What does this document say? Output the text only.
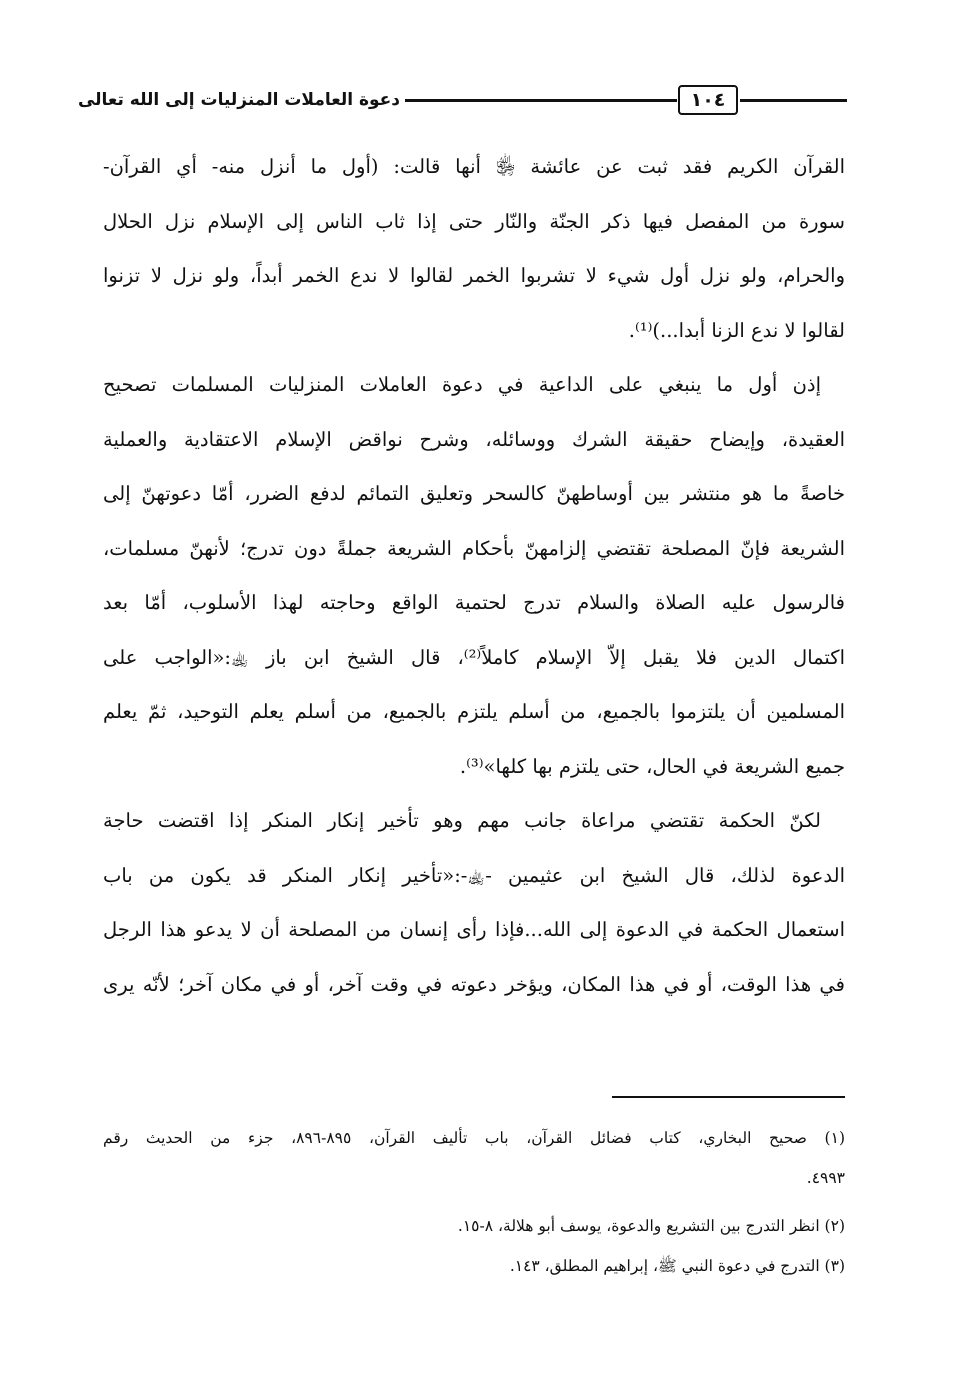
دعوة العاملات المنزليات إلى الله تعالى	١٠٤
القرآن الكريم فقد ثبت عن عائشة ﵂ أنها قالت: (أول ما أنزل منه- أي القرآن-
سورة من المفصل فيها ذكر الجنّة والنّار حتى إذا ثاب الناس إلى الإسلام نزل الحلال
والحرام، ولو نزل أول شيء لا تشربوا الخمر لقالوا لا ندع الخمر أبداً، ولو نزل لا تزنوا
لقالوا لا ندع الزنا أبدا...)⁽¹⁾.
إذن أول ما ينبغي على الداعية في دعوة العاملات المنزليات المسلمات تصحيح
العقيدة، وإيضاح حقيقة الشرك ووسائله، وشرح نواقض الإسلام الاعتقادية والعملية
خاصةً ما هو منتشر بين أوساطهنّ كالسحر وتعليق التمائم لدفع الضرر، أمّا دعوتهنّ إلى
الشريعة فإنّ المصلحة تقتضي إلزامهنّ بأحكام الشريعة جملةً دون تدرج؛ لأنهنّ مسلمات،
فالرسول عليه الصلاة والسلام تدرج لحتمية الواقع وحاجته لهذا الأسلوب، أمّا بعد
اكتمال الدين فلا يقبل إلاّ الإسلام كاملاً⁽²⁾، قال الشيخ ابن باز ﵀:«الواجب على
المسلمين أن يلتزموا بالجميع، من أسلم يلتزم بالجميع، من أسلم يعلم التوحيد، ثمّ يعلم
جميع الشريعة في الحال، حتى يلتزم بها كلها»⁽³⁾.
لكنّ الحكمة تقتضي مراعاة جانب مهم وهو تأخير إنكار المنكر إذا اقتضت حاجة
الدعوة لذلك، قال الشيخ ابن عثيمين -﵀-:«تأخير إنكار المنكر قد يكون من باب
استعمال الحكمة في الدعوة إلى الله...فإذا رأى إنسان من المصلحة أن لا يدعو هذا الرجل
في هذا الوقت، أو في هذا المكان، ويؤخر دعوته في وقت آخر، أو في مكان آخر؛ لأنّه يرى
(١) صحيح البخاري، كتاب فضائل القرآن، باب تأليف القرآن، ٨٩٥-٨٩٦، جزء من الحديث رقم
٤٩٩٣.
(٢) انظر التدرج بين التشريع والدعوة، يوسف أبو هلالة، ٨-١٥.
(٣) التدرج في دعوة النبي ﷺ، إبراهيم المطلق، ١٤٣.
